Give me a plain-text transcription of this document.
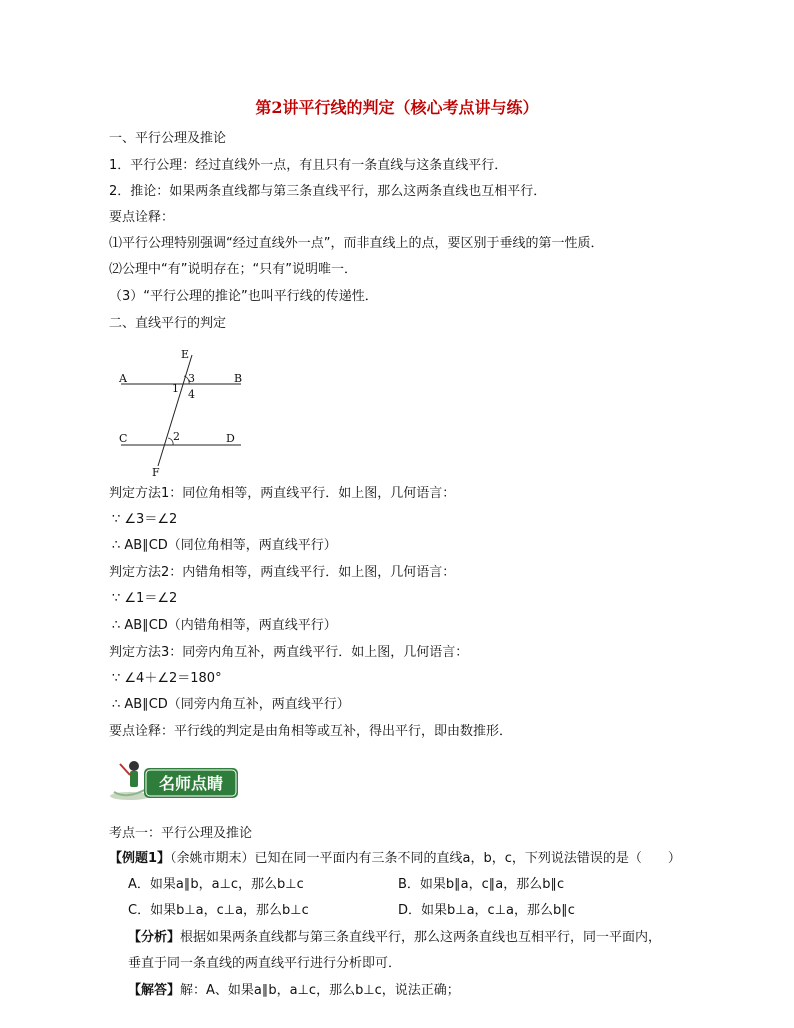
第2讲平行线的判定（核心考点讲与练）
一、平行公理及推论
1．平行公理：经过直线外一点，有且只有一条直线与这条直线平行．
2．推论：如果两条直线都与第三条直线平行，那么这两条直线也互相平行．
要点诠释：
⑴平行公理特别强调“经过直线外一点”，而非直线上的点，要区别于垂线的第一性质．
⑵公理中“有”说明存在；“只有”说明唯一．
（3）“平行公理的推论”也叫平行线的传递性．
二、直线平行的判定
E
A	B
1
3
4
C	D
2
F
判定方法1：同位角相等，两直线平行．如上图，几何语言：
∵ ∠3＝∠2
∴ AB∥CD（同位角相等，两直线平行）
判定方法2：内错角相等，两直线平行．如上图，几何语言：
∵ ∠1＝∠2
∴ AB∥CD（内错角相等，两直线平行）
判定方法3：同旁内角互补，两直线平行．如上图，几何语言：
∵ ∠4＋∠2＝180°
∴ AB∥CD（同旁内角互补，两直线平行）
要点诠释：平行线的判定是由角相等或互补，得出平行，即由数推形．
名师点睛
考点一：平行公理及推论
【例题1】（余姚市期末）已知在同一平面内有三条不同的直线a，b，c，下列说法错误的是（　　）
A．如果a∥b，a⊥c，那么b⊥c	B．如果b∥a，c∥a，那么b∥c
C．如果b⊥a，c⊥a，那么b⊥c	D．如果b⊥a，c⊥a，那么b∥c
【分析】根据如果两条直线都与第三条直线平行，那么这两条直线也互相平行，同一平面内，
垂直于同一条直线的两直线平行进行分析即可．
【解答】解：A、如果a∥b，a⊥c，那么b⊥c，说法正确；
